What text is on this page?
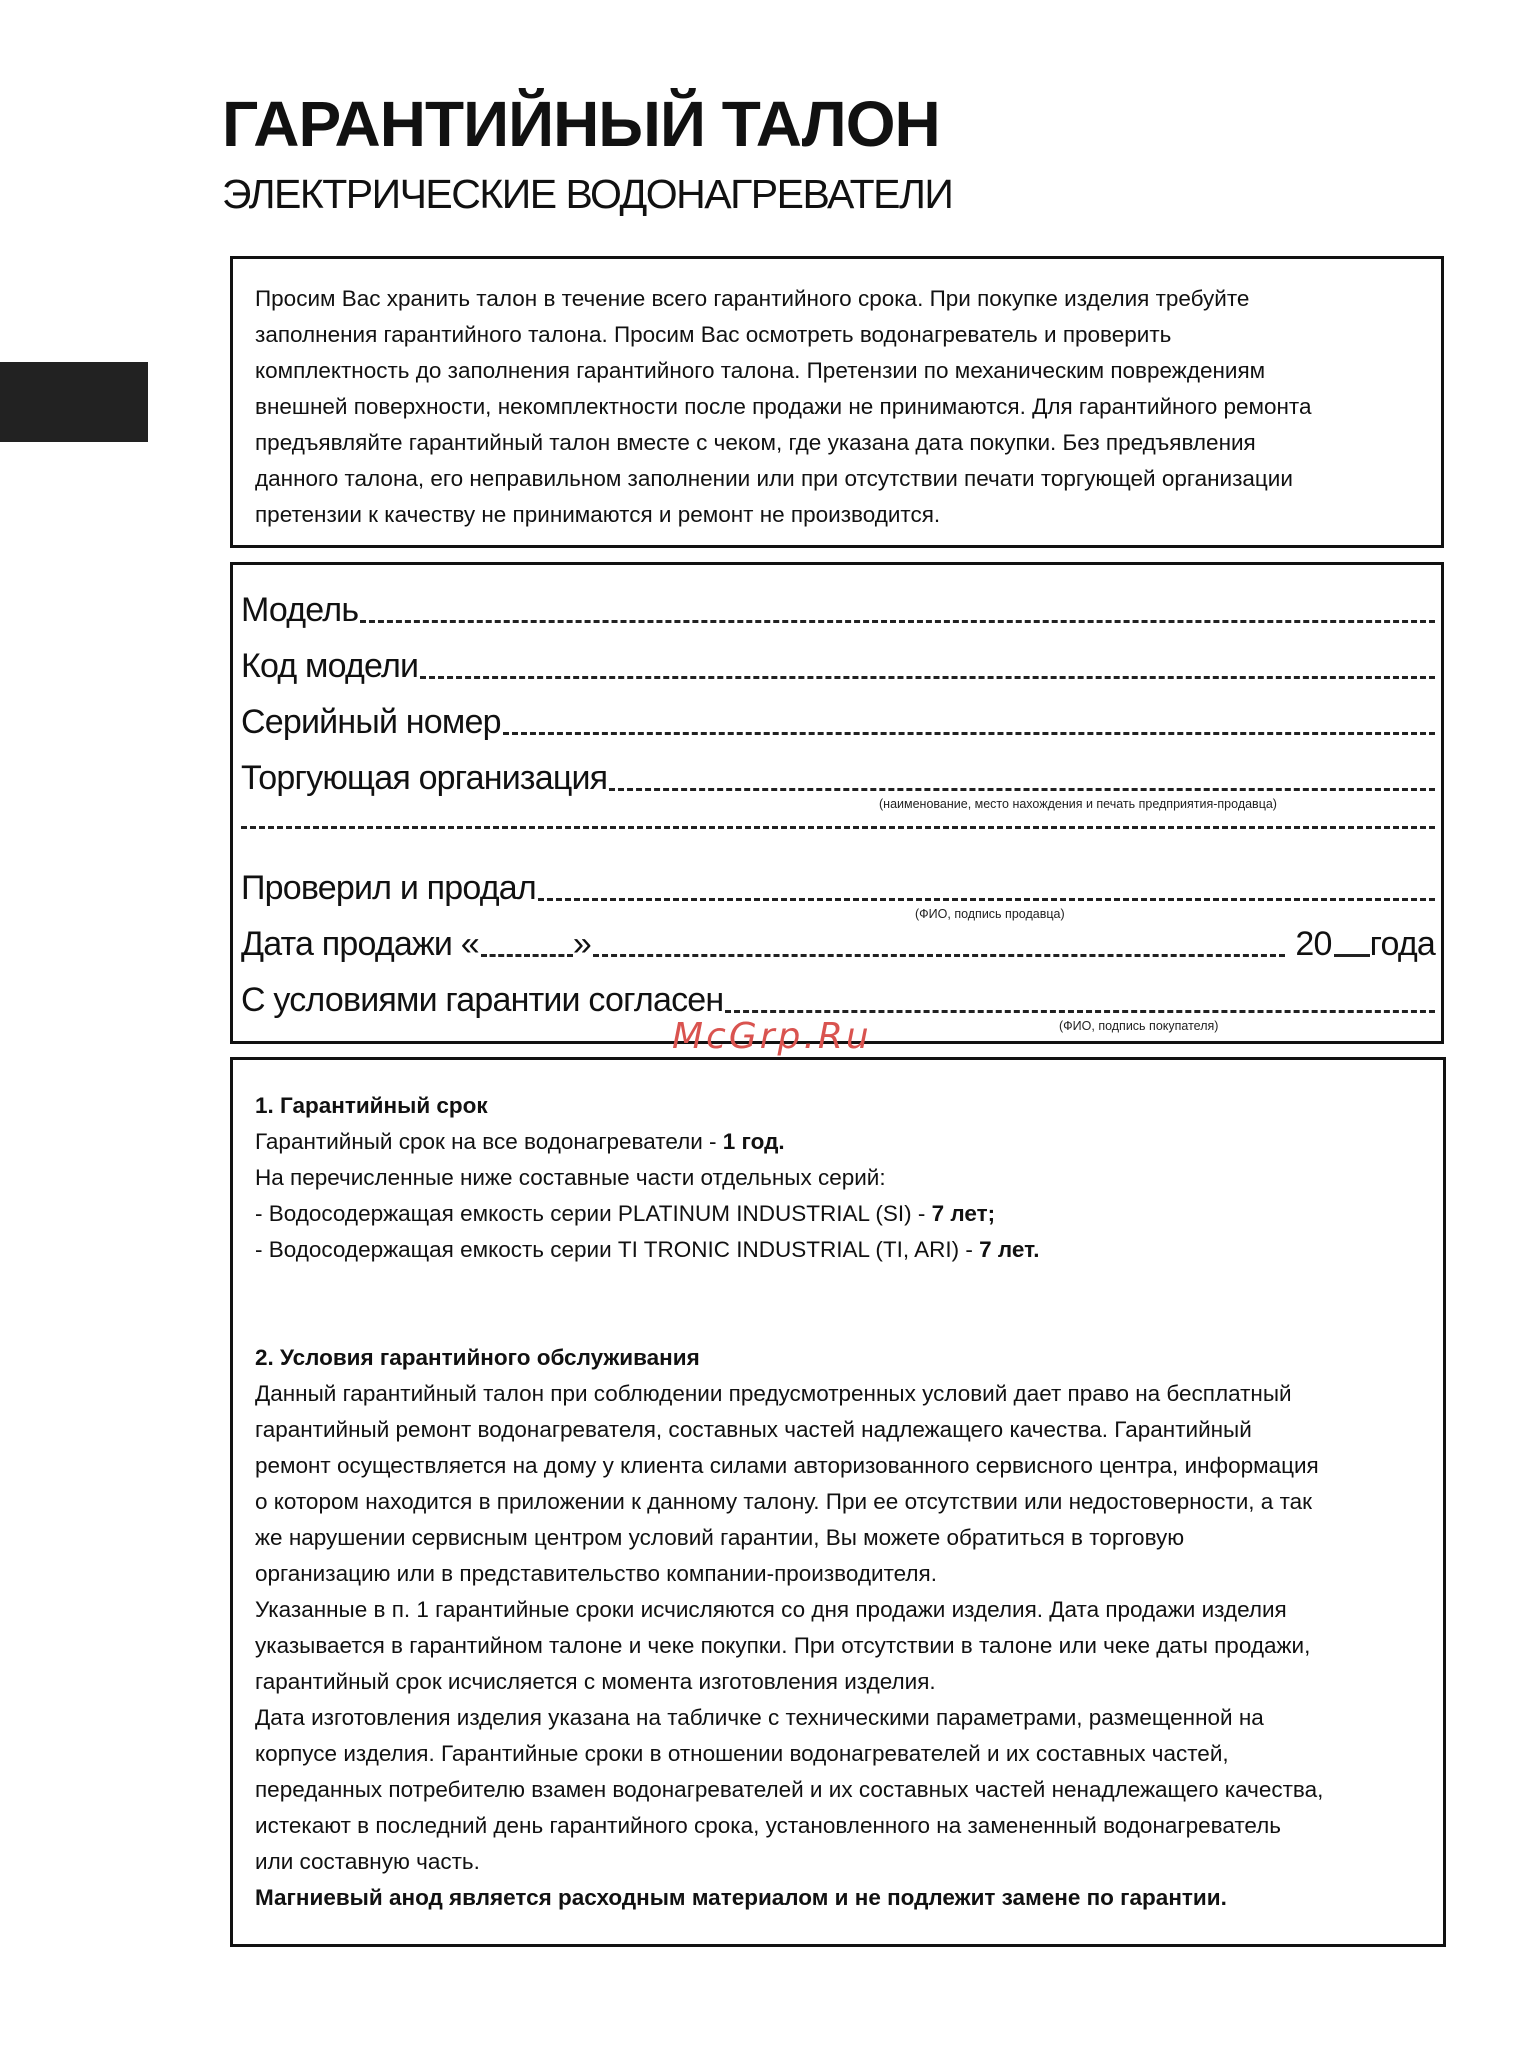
ГАРАНТИЙНЫЙ ТАЛОН
ЭЛЕКТРИЧЕСКИЕ ВОДОНАГРЕВАТЕЛИ

Просим Вас хранить талон в течение всего гарантийного срока. При покупке изделия требуйте

заполнения гарантийного талона. Просим Вас осмотреть водонагреватель и проверить

комплектность до заполнения гарантийного талона. Претензии по механическим повреждениям

внешней поверхности, некомплектности после продажи не принимаются. Для гарантийного ремонта

предъявляйте гарантийный талон вместе с чеком, где указана дата покупки. Без предъявления

данного талона, его неправильном заполнении или при отсутствии печати торгующей организации

претензии к качеству не принимаются и ремонт не производится.

Модель
Код модели
Серийный номер
Торгующая организация
(наименование, место нахождения и печать предприятия-продавца)
Проверил и продал
(ФИО, подпись продавца)
Дата продажи «	»	20 года
С условиями гарантии согласен
(ФИО, подпись покупателя)
McGrp.Ru

1. Гарантийный срок

Гарантийный срок на все водонагреватели - 1 год.

На перечисленные ниже составные части отдельных серий:

- Водосодержащая емкость серии PLATINUM INDUSTRIAL (SI) - 7 лет;

- Водосодержащая емкость серии TI TRONIC INDUSTRIAL (TI, ARI) - 7 лет.

2. Условия гарантийного обслуживания

Данный гарантийный талон при соблюдении предусмотренных условий дает право на бесплатный

гарантийный ремонт водонагревателя, составных частей надлежащего качества. Гарантийный

ремонт осуществляется на дому у клиента силами авторизованного сервисного центра, информация

о котором находится в приложении к данному талону. При ее отсутствии или недостоверности, а так

же нарушении сервисным центром условий гарантии, Вы можете обратиться в торговую

организацию или в представительство компании-производителя.

Указанные в п. 1 гарантийные сроки исчисляются со дня продажи изделия. Дата продажи изделия

указывается в гарантийном талоне и чеке покупки. При отсутствии в талоне или чеке даты продажи,

гарантийный срок исчисляется с момента изготовления изделия.

Дата изготовления изделия указана на табличке с техническими параметрами, размещенной на

корпусе изделия. Гарантийные сроки в отношении водонагревателей и их составных частей,

переданных потребителю взамен водонагревателей и их составных частей ненадлежащего качества,

истекают в последний день гарантийного срока, установленного на замененный водонагреватель

или составную часть.

Магниевый анод является расходным материалом и не подлежит замене по гарантии.
